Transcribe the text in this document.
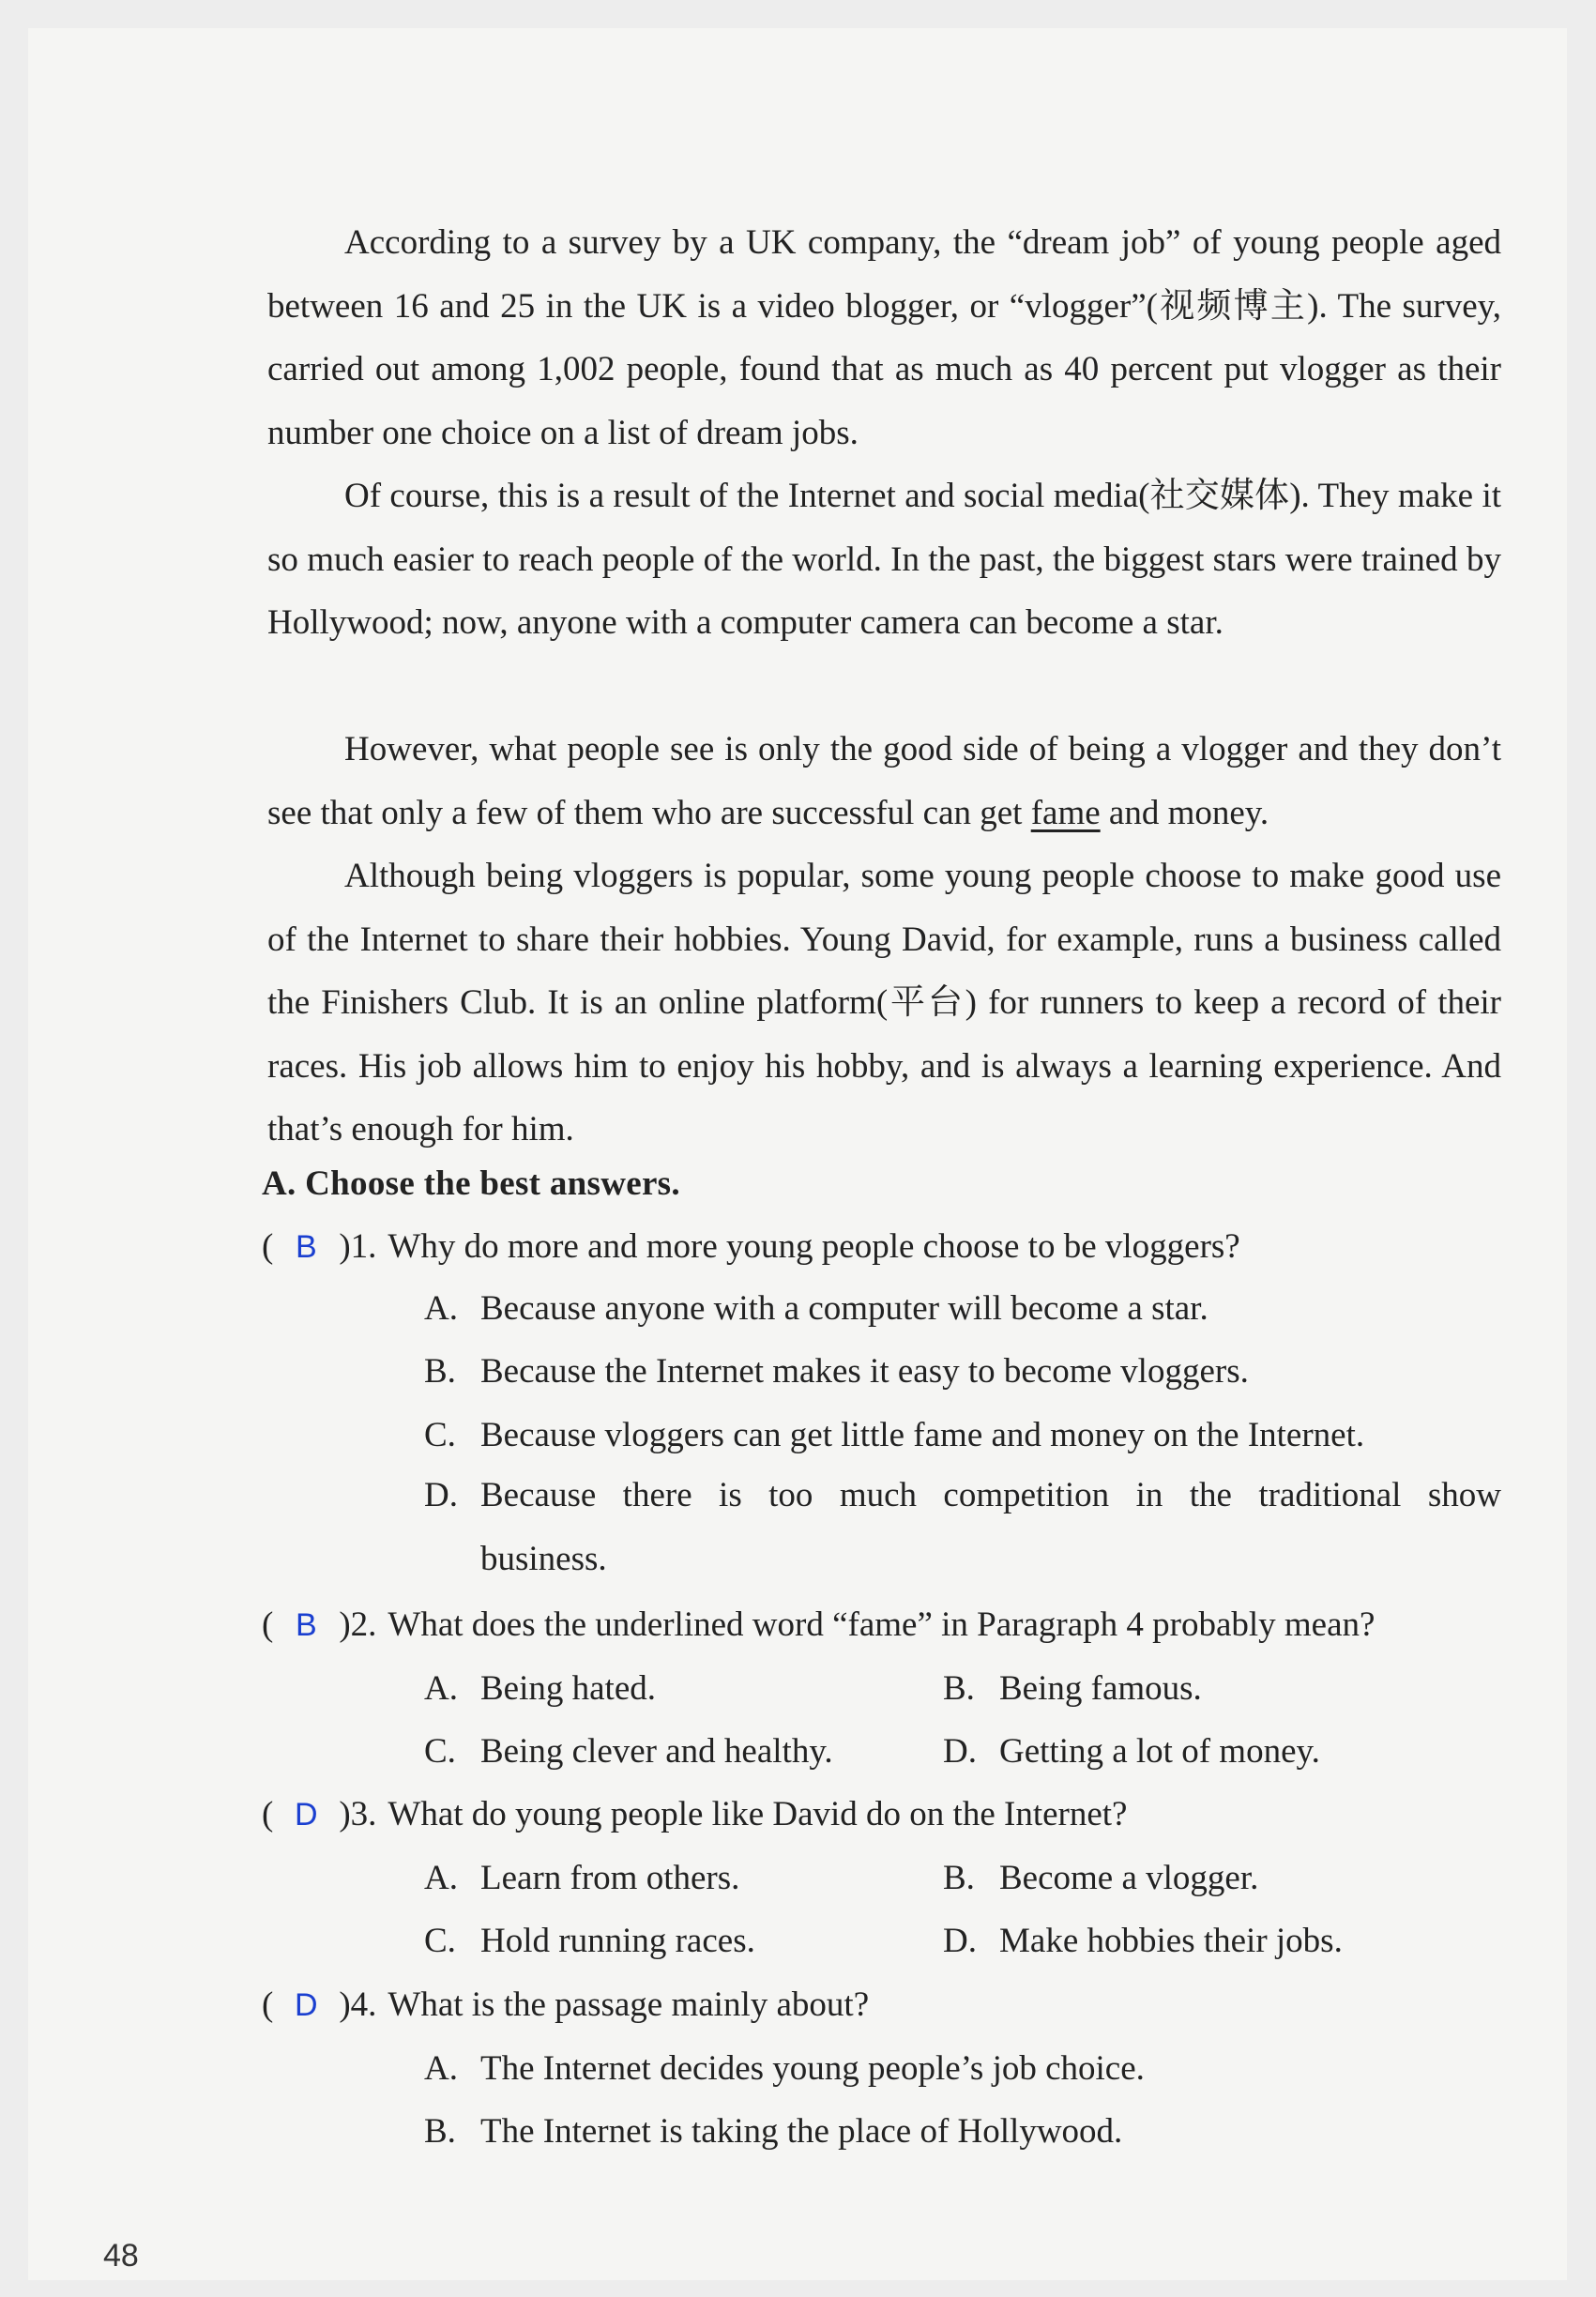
According to a survey by a UK company, the “dream job” of young people aged between 16 and 25 in the UK is a video blogger, or “vlogger”(视频博主). The survey, carried out among 1,002 people, found that as much as 40 percent put vlogger as their number one choice on a list of dream jobs.

Of course, this is a result of the Internet and social media(社交媒体). They make it so much easier to reach people of the world. In the past, the biggest stars were trained by Hollywood; now, anyone with a computer camera can become a star.

However, what people see is only the good side of being a vlogger and they don’t see that only a few of them who are successful can get fame and money.

Although being vloggers is popular, some young people choose to make good use of the Internet to share their hobbies. Young David, for example, runs a business called the Finishers Club. It is an online platform(平台) for runners to keep a record of their races. His job allows him to enjoy his hobby, and is always a learning experience. And that’s enough for him.

A. Choose the best answers.
( B )1. Why do more and more young people choose to be vloggers?
A. Because anyone with a computer will become a star.
B. Because the Internet makes it easy to become vloggers.
C. Because vloggers can get little fame and money on the Internet.
D. Because there is too much competition in the traditional show
business.
( B )2. What does the underlined word “fame” in Paragraph 4 probably mean?
A. Being hated.	B. Being famous.
C. Being clever and healthy.	D. Getting a lot of money.
( D )3. What do young people like David do on the Internet?
A. Learn from others.	B. Become a vlogger.
C. Hold running races.	D. Make hobbies their jobs.
( D )4. What is the passage mainly about?
A. The Internet decides young people’s job choice.
B. The Internet is taking the place of Hollywood.
48
